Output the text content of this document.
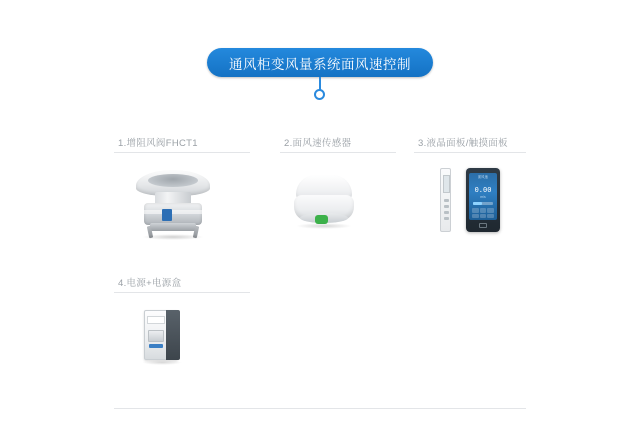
通风柜变风量系统面风速控制
1.增阻风阀FHCT1	2.面风速传感器	3.液晶面板/触摸面板
4.电源+电源盒
面风速
0.00
m/s
